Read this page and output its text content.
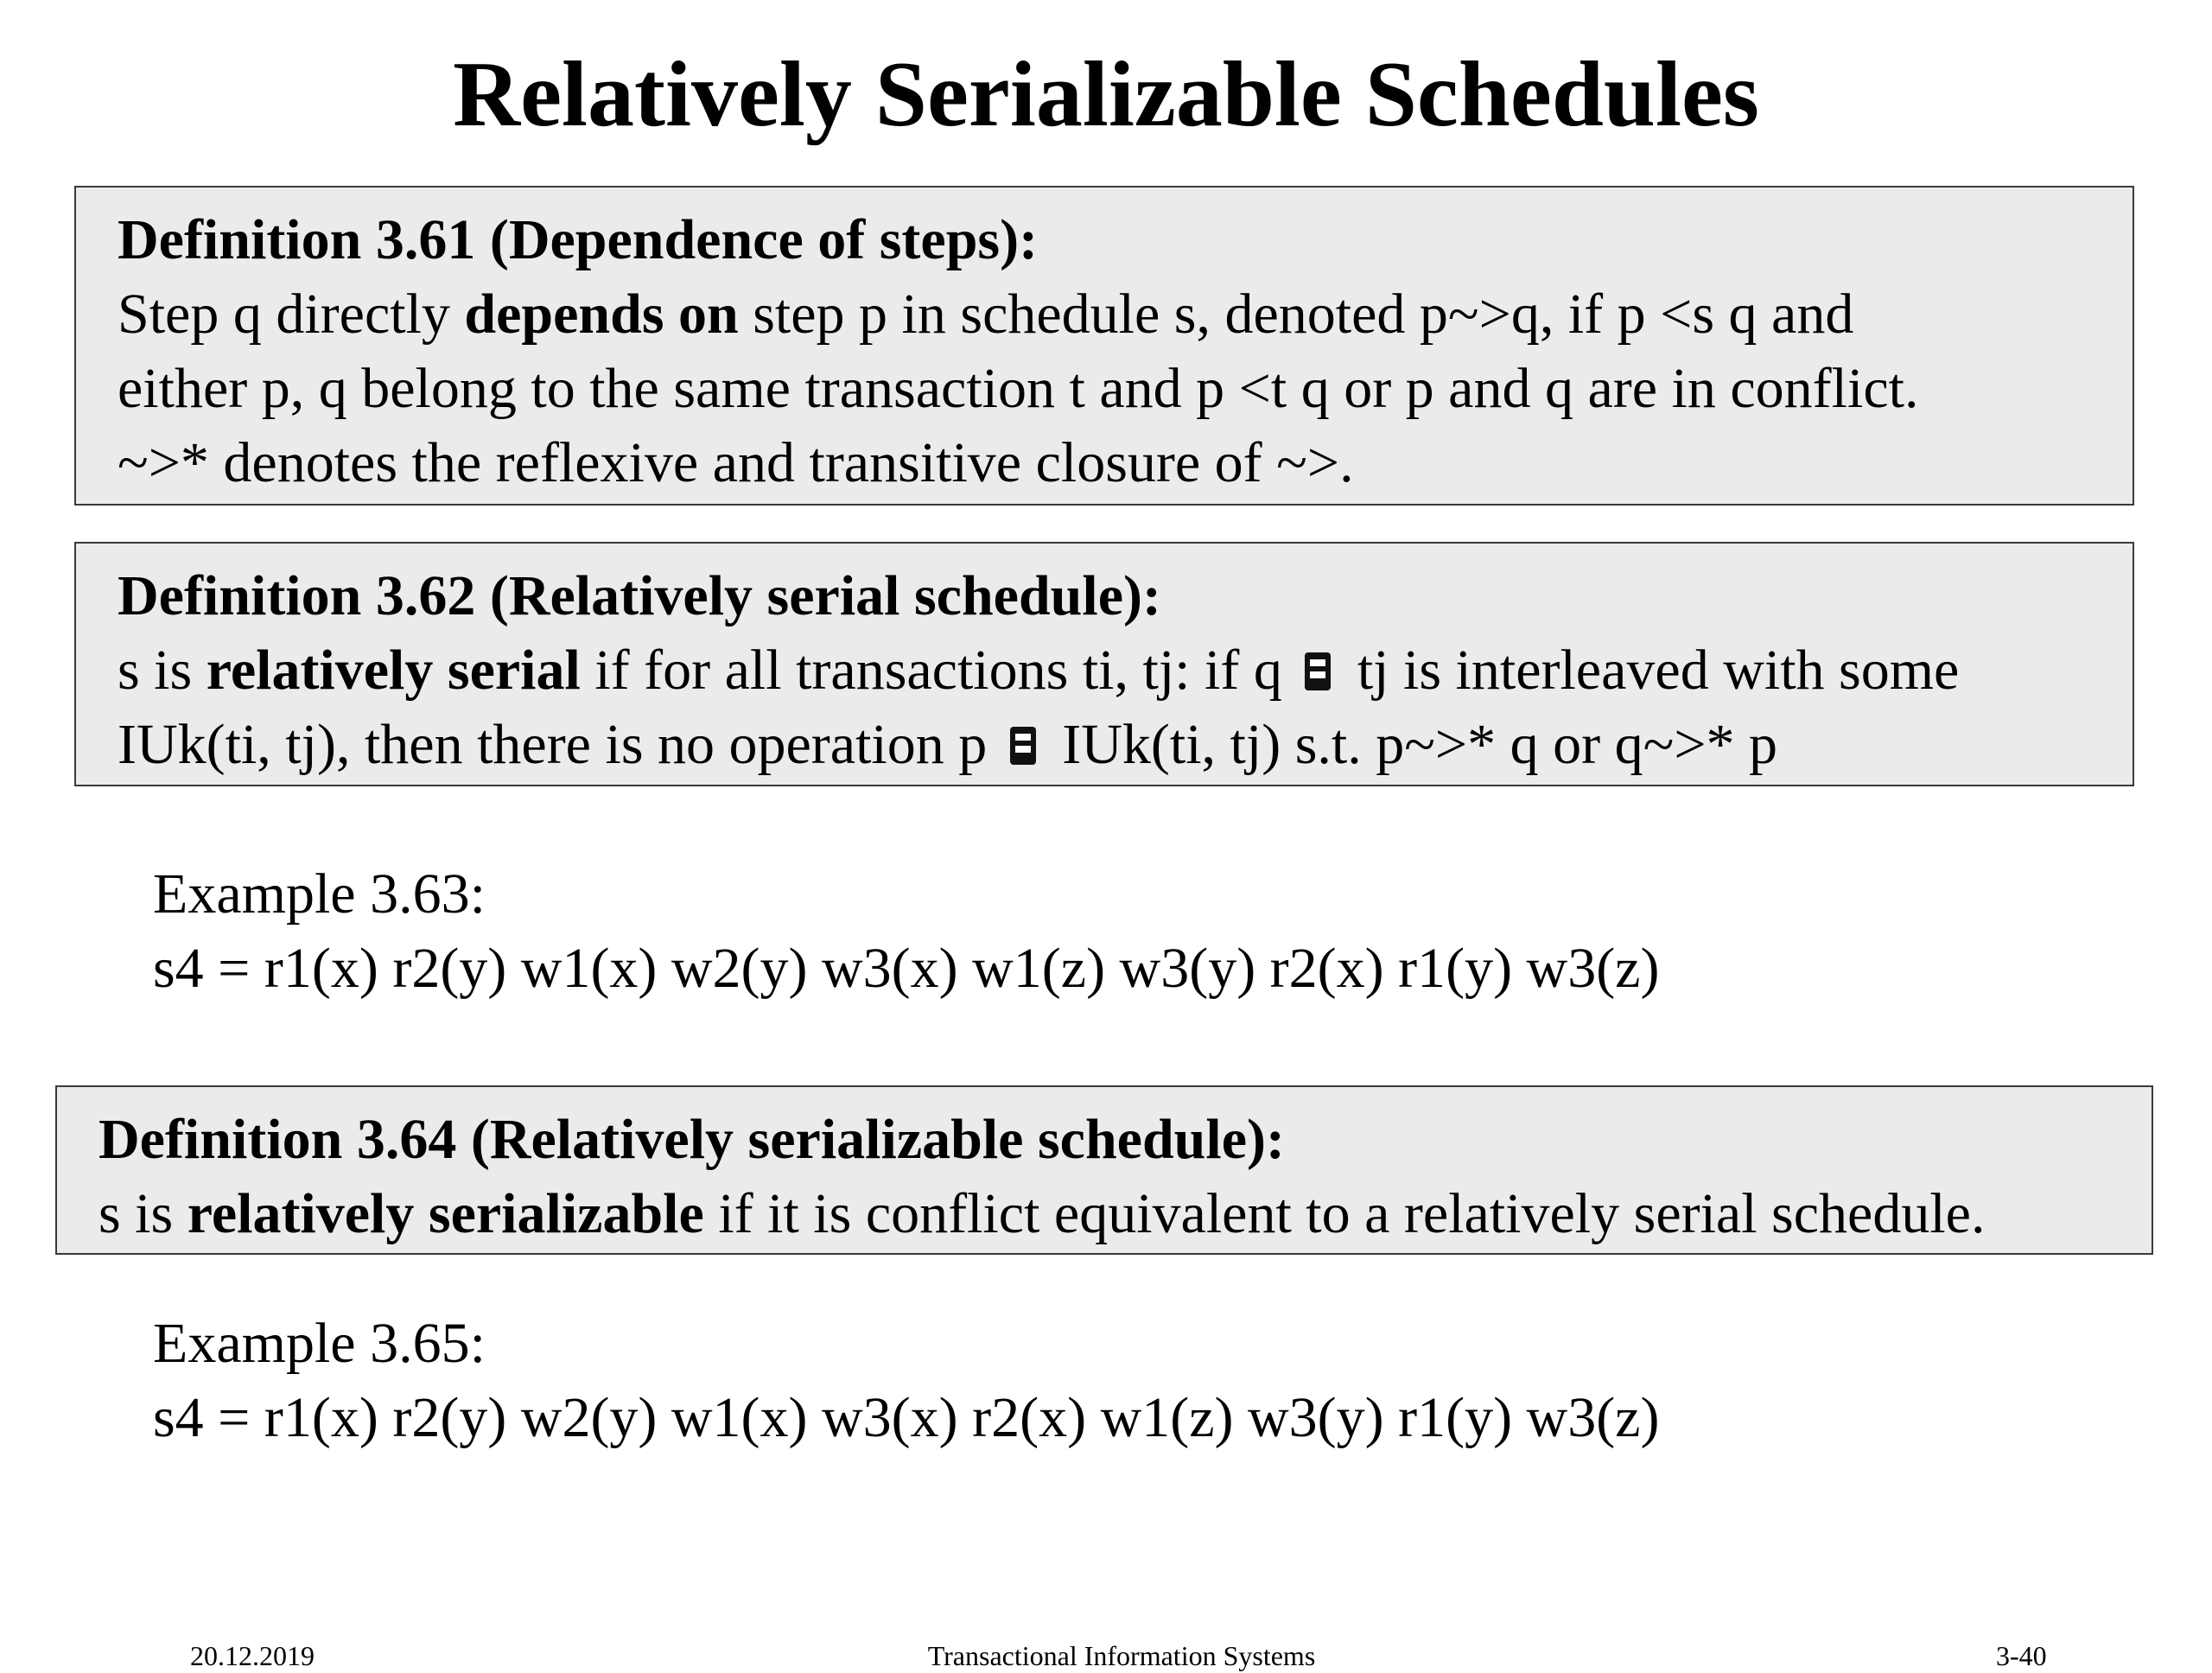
Relatively Serializable Schedules
Definition 3.61 (Dependence of steps):
Step q directly depends on step p in schedule s, denoted p~>q, if p <s q and
either p, q belong to the same transaction t and p <t q or p and q are in conflict.
~>* denotes the reflexive and transitive closure of ~>.
Definition 3.62 (Relatively serial schedule):
s is relatively serial if for all transactions ti, tj: if q  tj is interleaved with some
IUk(ti, tj), then there is no operation p  IUk(ti, tj) s.t. p~>* q or q~>* p
Example 3.63:
s4 = r1(x) r2(y) w1(x) w2(y) w3(x) w1(z) w3(y) r2(x) r1(y) w3(z)
Definition 3.64 (Relatively serializable schedule):
s is relatively serializable if it is conflict equivalent to a relatively serial schedule.
Example 3.65:
s4 = r1(x) r2(y) w2(y) w1(x) w3(x) r2(x) w1(z) w3(y) r1(y) w3(z)
20.12.2019	Transactional Information Systems	3-40
